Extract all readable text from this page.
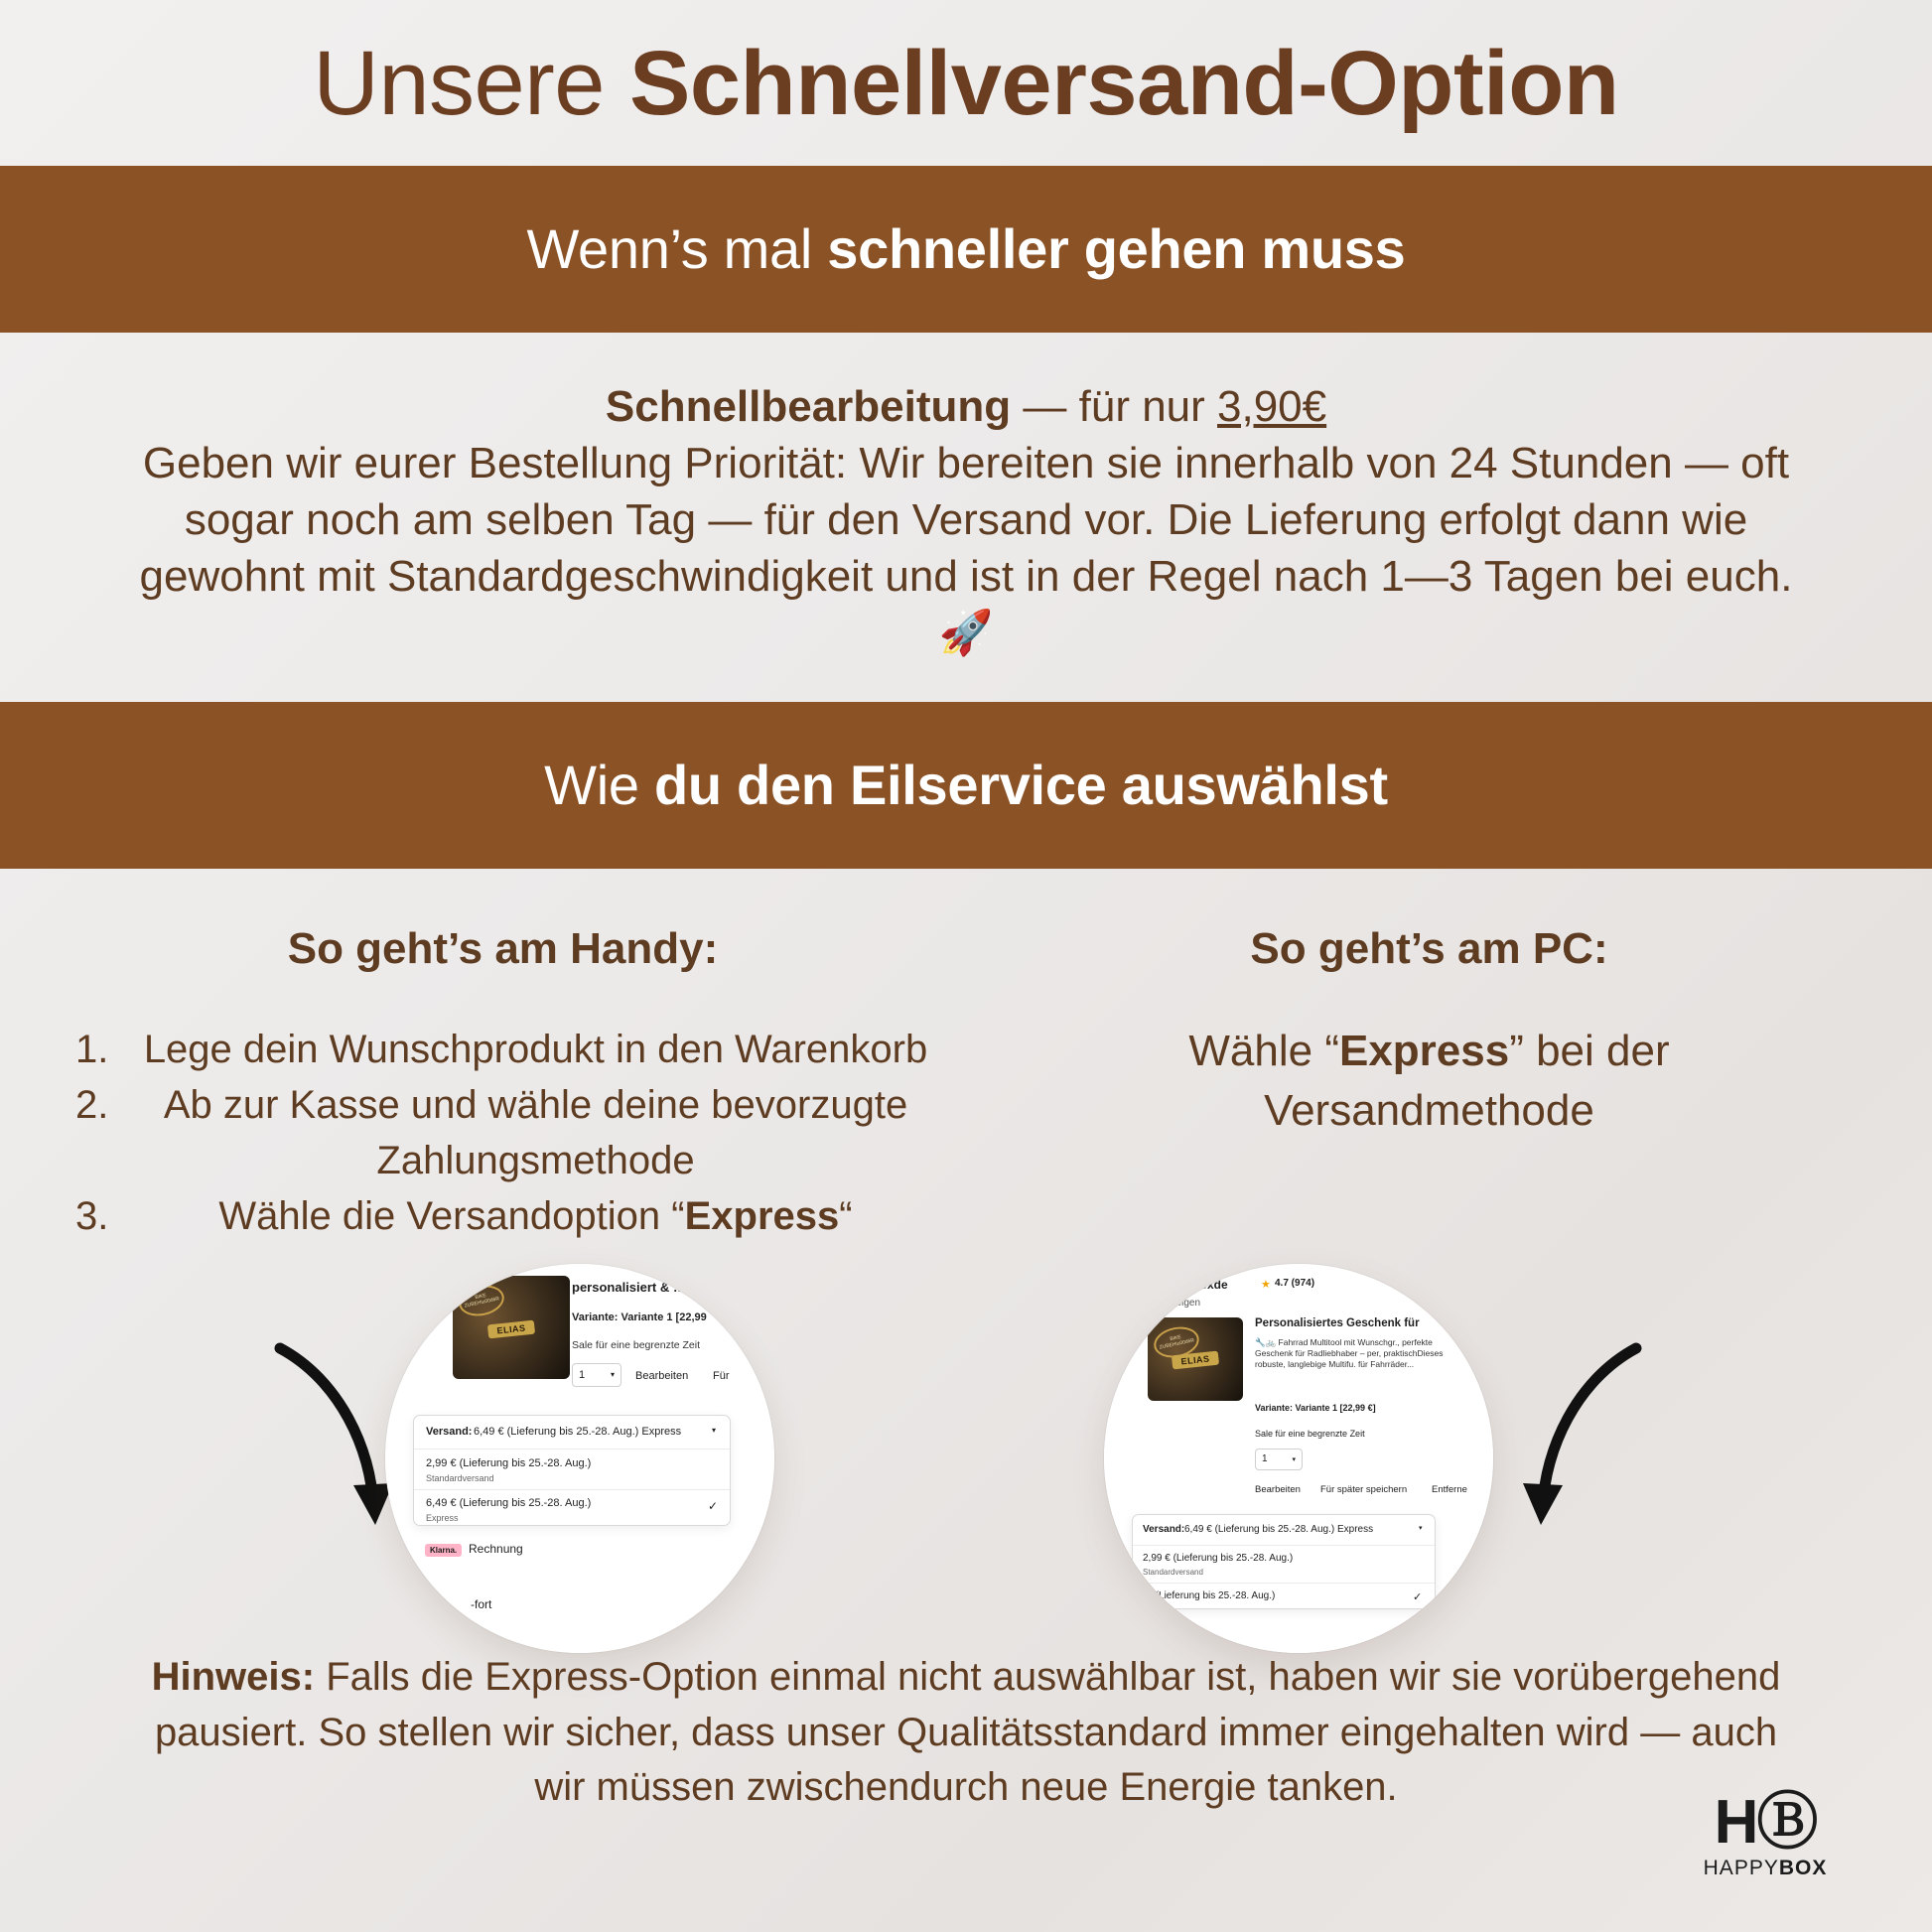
Unsere Schnellversand-Option
Wenn’s mal schneller gehen muss
Schnellbearbeitung — für nur 3,90€
Geben wir eurer Bestellung Priorität: Wir bereiten sie innerhalb von 24 Stunden — oft sogar noch am selben Tag — für den Versand vor. Die Lieferung erfolgt dann wie gewohnt mit Standardgeschwindigkeit und ist in der Regel nach 1—3 Tagen bei euch. 🚀
Wie du den Eilservice auswählst
So geht’s am Handy:
1. Lege dein Wunschprodukt in den Warenkorb
2.	Ab zur Kasse und wähle deine bevorzugte Zahlungsmethode
3.	Wähle die Versandoption “Express“
So geht’s am PC:
Wähle “Express” bei der Versandmethode
BIKE ZUBEH\u00d6R
ELIAS
personalisiert & …
Variante: Variante 1 [22,99
Sale für eine begrenzte Zeit
1	▾ Bearbeiten Für
Versand: 6,49 € (Lieferung bis 25.-28. Aug.) Express	▾
2,99 € (Lieferung bis 25.-28. Aug.)
Standardversand
6,49 € (Lieferung bis 25.-28. Aug.)
Express
✓
Klarna. Rechnung
-fort
appyBoxde	★ 4.7 (974)
uß anzeigen
BIKE ZUBEH\u00d6R
ELIAS
Personalisiertes Geschenk für
🔧🚲 Fahrrad Multitool mit Wunschgr., perfekte Geschenk für Radliebhaber – per, praktischDieses robuste, langlebige Multifu. für Fahrräder...
Variante: Variante 1 [22,99 €]
Sale für eine begrenzte Zeit
1	▾
Bearbeiten Für später speichern	Entferne
Versand: 6,49 € (Lieferung bis 25.-28. Aug.) Express	▾
2,99 € (Lieferung bis 25.-28. Aug.)
Standardversand
9 € (Lieferung bis 25.-28. Aug.)	✓
Hinweis: Falls die Express-Option einmal nicht auswählbar ist, haben wir sie vorübergehend pausiert. So stellen wir sicher, dass unser Qualitätsstandard immer eingehalten wird — auch wir müssen zwischendurch neue Energie tanken.
HⒷ
HAPPYBOX
